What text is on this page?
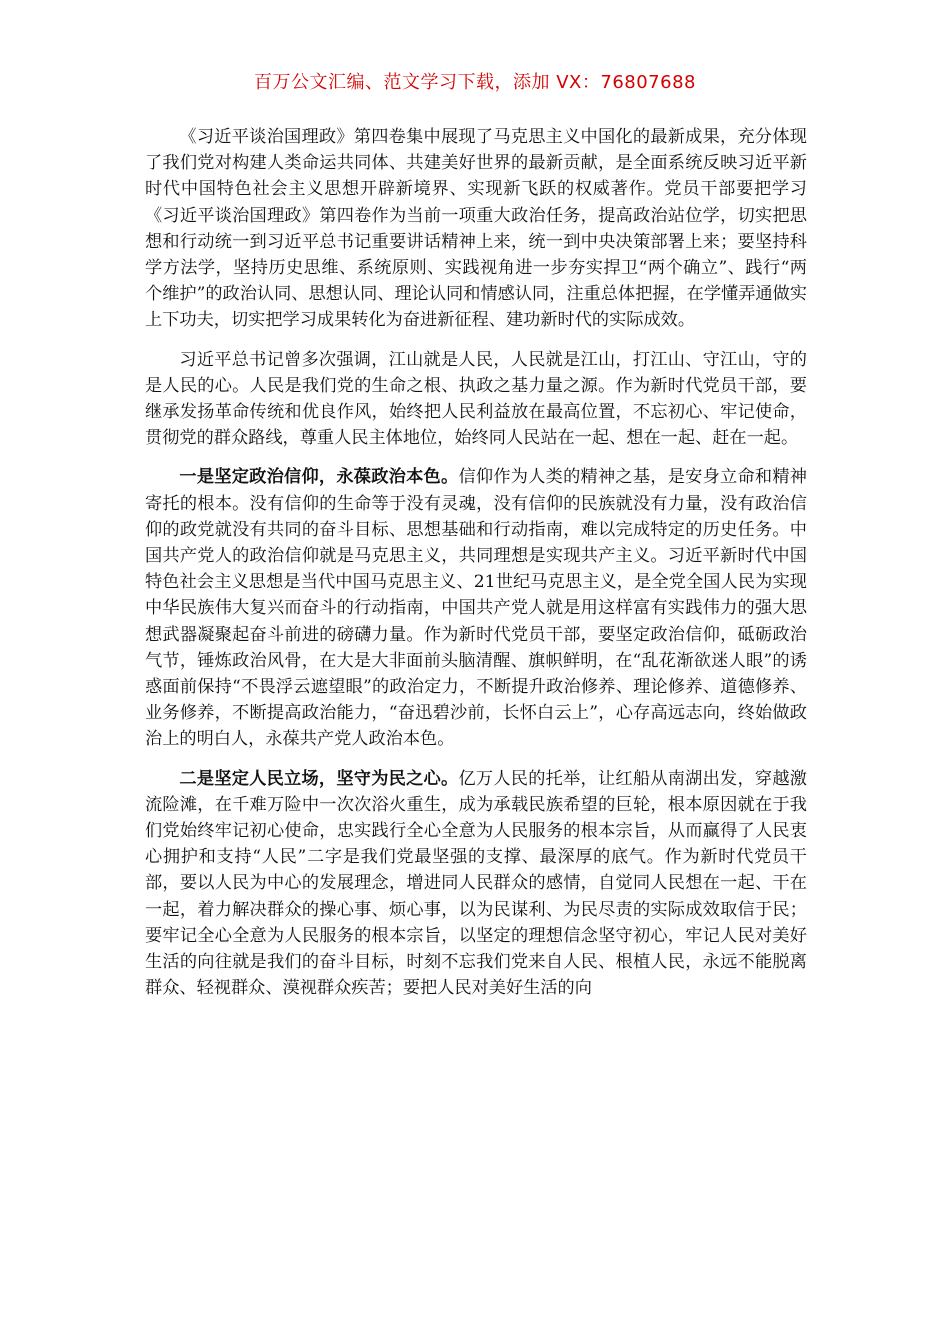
百万公文汇编、范文学习下载，添加 VX：76807688

《习近平谈治国理政》第四卷集中展现了马克思主义中国化的最新成果，充分体现了我们党对构建人类命运共同体、共建美好世界的最新贡献，是全面系统反映习近平新时代中国特色社会主义思想开辟新境界、实现新飞跃的权威著作。党员干部要把学习《习近平谈治国理政》第四卷作为当前一项重大政治任务，提高政治站位学，切实把思想和行动统一到习近平总书记重要讲话精神上来，统一到中央决策部署上来；要坚持科学方法学，坚持历史思维、系统原则、实践视角进一步夯实捍卫“两个确立”、践行“两个维护”的政治认同、思想认同、理论认同和情感认同，注重总体把握，在学懂弄通做实上下功夫，切实把学习成果转化为奋进新征程、建功新时代的实际成效。

习近平总书记曾多次强调，江山就是人民，人民就是江山，打江山、守江山，守的是人民的心。人民是我们党的生命之根、执政之基力量之源。作为新时代党员干部，要继承发扬革命传统和优良作风，始终把人民利益放在最高位置，不忘初心、牢记使命，贯彻党的群众路线，尊重人民主体地位，始终同人民站在一起、想在一起、赶在一起。

一是坚定政治信仰，永葆政治本色。信仰作为人类的精神之基，是安身立命和精神寄托的根本。没有信仰的生命等于没有灵魂，没有信仰的民族就没有力量，没有政治信仰的政党就没有共同的奋斗目标、思想基础和行动指南，难以完成特定的历史任务。中国共产党人的政治信仰就是马克思主义，共同理想是实现共产主义。习近平新时代中国特色社会主义思想是当代中国马克思主义、21世纪马克思主义，是全党全国人民为实现中华民族伟大复兴而奋斗的行动指南，中国共产党人就是用这样富有实践伟力的强大思想武器凝聚起奋斗前进的磅礴力量。作为新时代党员干部，要坚定政治信仰，砥砺政治气节，锤炼政治风骨，在大是大非面前头脑清醒、旗帜鲜明，在“乱花渐欲迷人眼”的诱惑面前保持“不畏浮云遮望眼”的政治定力，不断提升政治修养、理论修养、道德修养、业务修养，不断提高政治能力，“奋迅碧沙前，长怀白云上”，心存高远志向，终始做政治上的明白人，永葆共产党人政治本色。

二是坚定人民立场，坚守为民之心。亿万人民的托举，让红船从南湖出发，穿越激流险滩，在千难万险中一次次浴火重生，成为承载民族希望的巨轮，根本原因就在于我们党始终牢记初心使命，忠实践行全心全意为人民服务的根本宗旨，从而赢得了人民衷心拥护和支持“人民”二字是我们党最坚强的支撑、最深厚的底气。作为新时代党员干部，要以人民为中心的发展理念，增进同人民群众的感情，自觉同人民想在一起、干在一起，着力解决群众的操心事、烦心事，以为民谋利、为民尽责的实际成效取信于民；要牢记全心全意为人民服务的根本宗旨，以坚定的理想信念坚守初心，牢记人民对美好生活的向往就是我们的奋斗目标，时刻不忘我们党来自人民、根植人民，永远不能脱离群众、轻视群众、漠视群众疾苦；要把人民对美好生活的向
